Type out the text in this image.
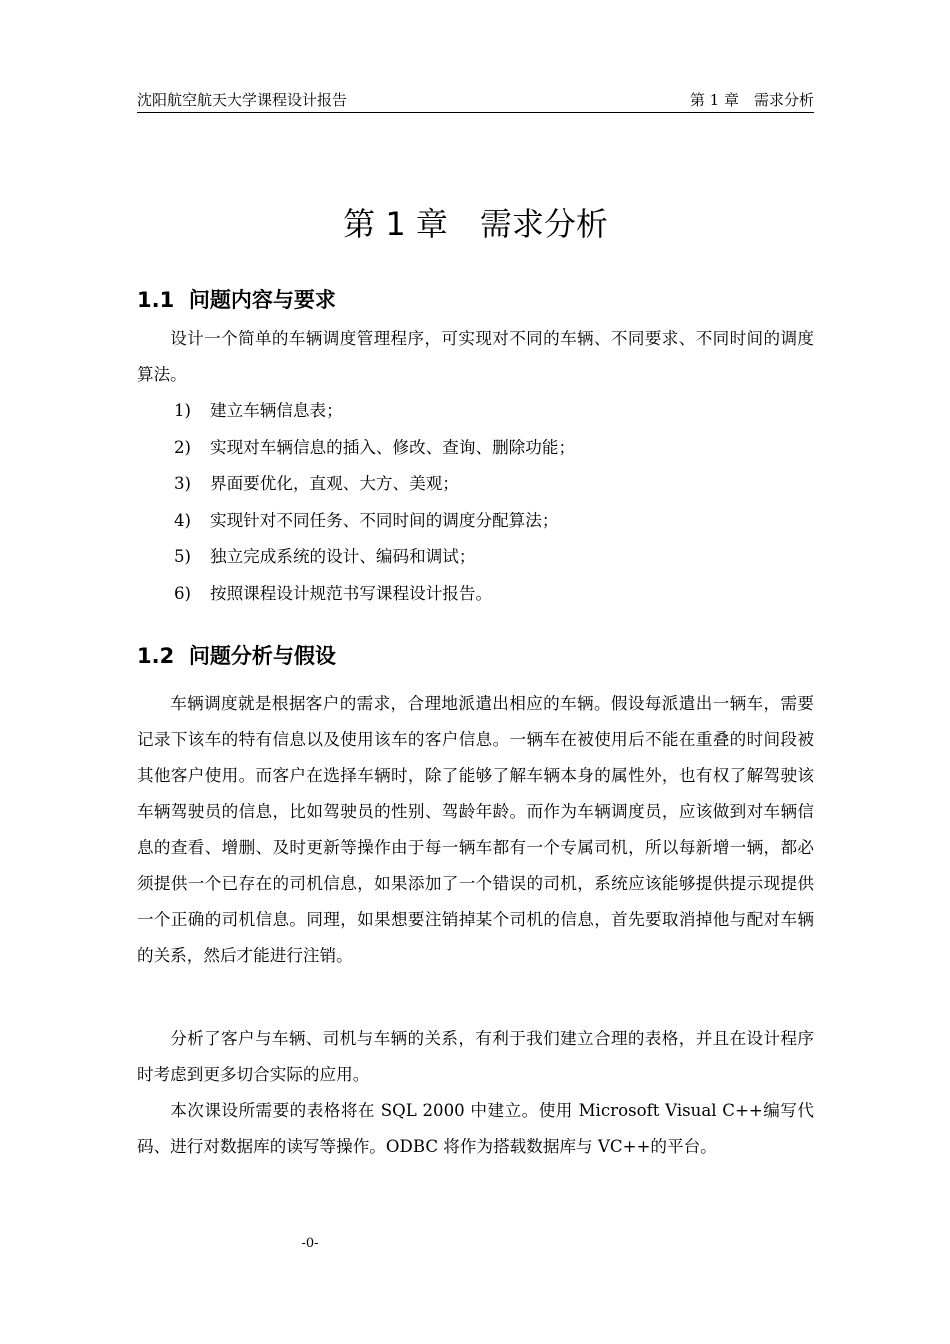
沈阳航空航天大学课程设计报告	第 1 章　需求分析
第 1 章　需求分析
1.1  问题内容与要求

设计一个简单的车辆调度管理程序，可实现对不同的车辆、不同要求、不同时间的调度算法。

1) 建立车辆信息表；
2) 实现对车辆信息的插入、修改、查询、删除功能；
3) 界面要优化，直观、大方、美观；
4) 实现针对不同任务、不同时间的调度分配算法；
5) 独立完成系统的设计、编码和调试；
6) 按照课程设计规范书写课程设计报告。
1.2  问题分析与假设

车辆调度就是根据客户的需求，合理地派遣出相应的车辆。假设每派遣出一辆车，需要记录下该车的特有信息以及使用该车的客户信息。一辆车在被使用后不能在重叠的时间段被其他客户使用。而客户在选择车辆时，除了能够了解车辆本身的属性外，也有权了解驾驶该车辆驾驶员的信息，比如驾驶员的性别、驾龄年龄。而作为车辆调度员，应该做到对车辆信息的查看、增删、及时更新等操作由于每一辆车都有一个专属司机，所以每新增一辆，都必须提供一个已存在的司机信息，如果添加了一个错误的司机，系统应该能够提供提示现提供一个正确的司机信息。同理，如果想要注销掉某个司机的信息，首先要取消掉他与配对车辆的关系，然后才能进行注销。

分析了客户与车辆、司机与车辆的关系，有利于我们建立合理的表格，并且在设计程序时考虑到更多切合实际的应用。

本次课设所需要的表格将在 SQL 2000 中建立。使用 Microsoft Visual C++编写代码、进行对数据库的读写等操作。ODBC 将作为搭载数据库与 VC++的平台。

-0-
